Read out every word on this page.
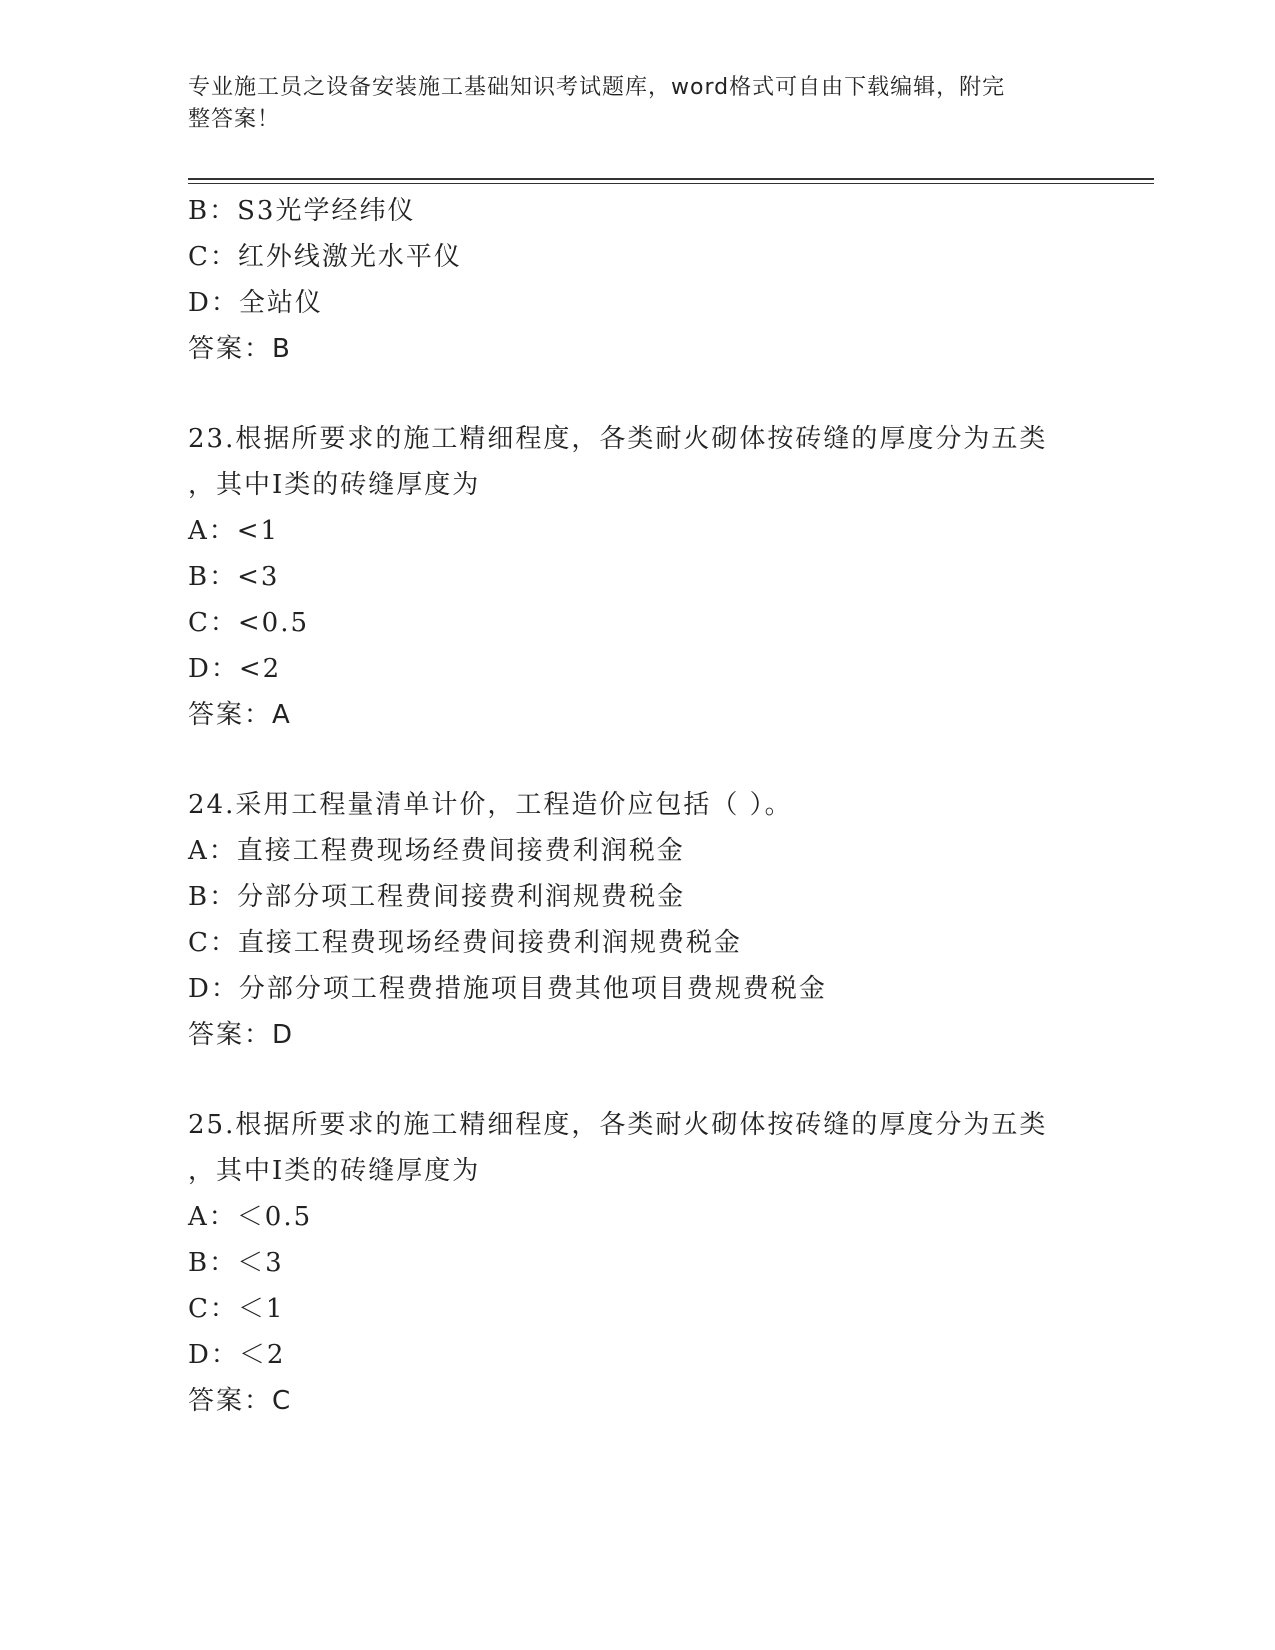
专业施工员之设备安装施工基础知识考试题库，word格式可自由下载编辑，附完
整答案！
B：S3光学经纬仪
C：红外线激光水平仪
D：全站仪
答案：B
23.根据所要求的施工精细程度，各类耐火砌体按砖缝的厚度分为五类
，其中Ⅰ类的砖缝厚度为
A：<1
B：<3
C：<0.5
D：<2
答案：A
24.采用工程量清单计价，工程造价应包括（ ）。
A：直接工程费现场经费间接费利润税金
B：分部分项工程费间接费利润规费税金
C：直接工程费现场经费间接费利润规费税金
D：分部分项工程费措施项目费其他项目费规费税金
答案：D
25.根据所要求的施工精细程度，各类耐火砌体按砖缝的厚度分为五类
，其中Ⅰ类的砖缝厚度为
A：＜0.5
B：＜3
C：＜1
D：＜2
答案：C
